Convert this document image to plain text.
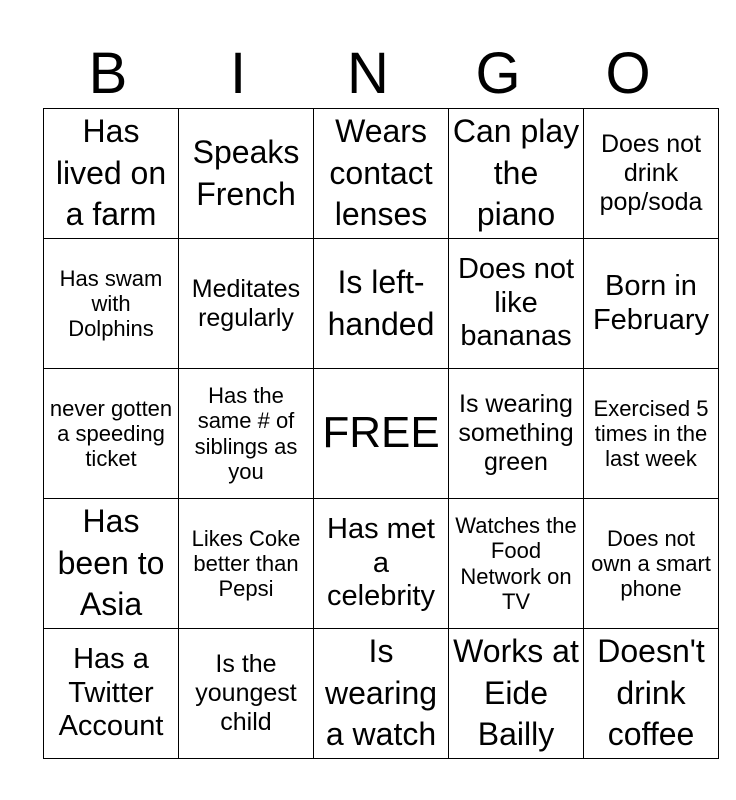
B	I	N	G	O
Has lived on a farm	Speaks French	Wears contact lenses	Can play the piano	Does not drink pop/soda

Has swam with Dolphins	Meditates regularly	Is left-handed	Does not like bananas	Born in February

never gotten a speeding ticket	Has the same # of siblings as you	FREE	Is wearing something green	Exercised 5 times in the last week

Has been to Asia	Likes Coke better than Pepsi	Has met a celebrity	Watches the Food Network on TV	Does not own a smart phone

Has a Twitter Account	Is the youngest child	Is wearing a watch	Works at Eide Bailly	Doesn't drink coffee
